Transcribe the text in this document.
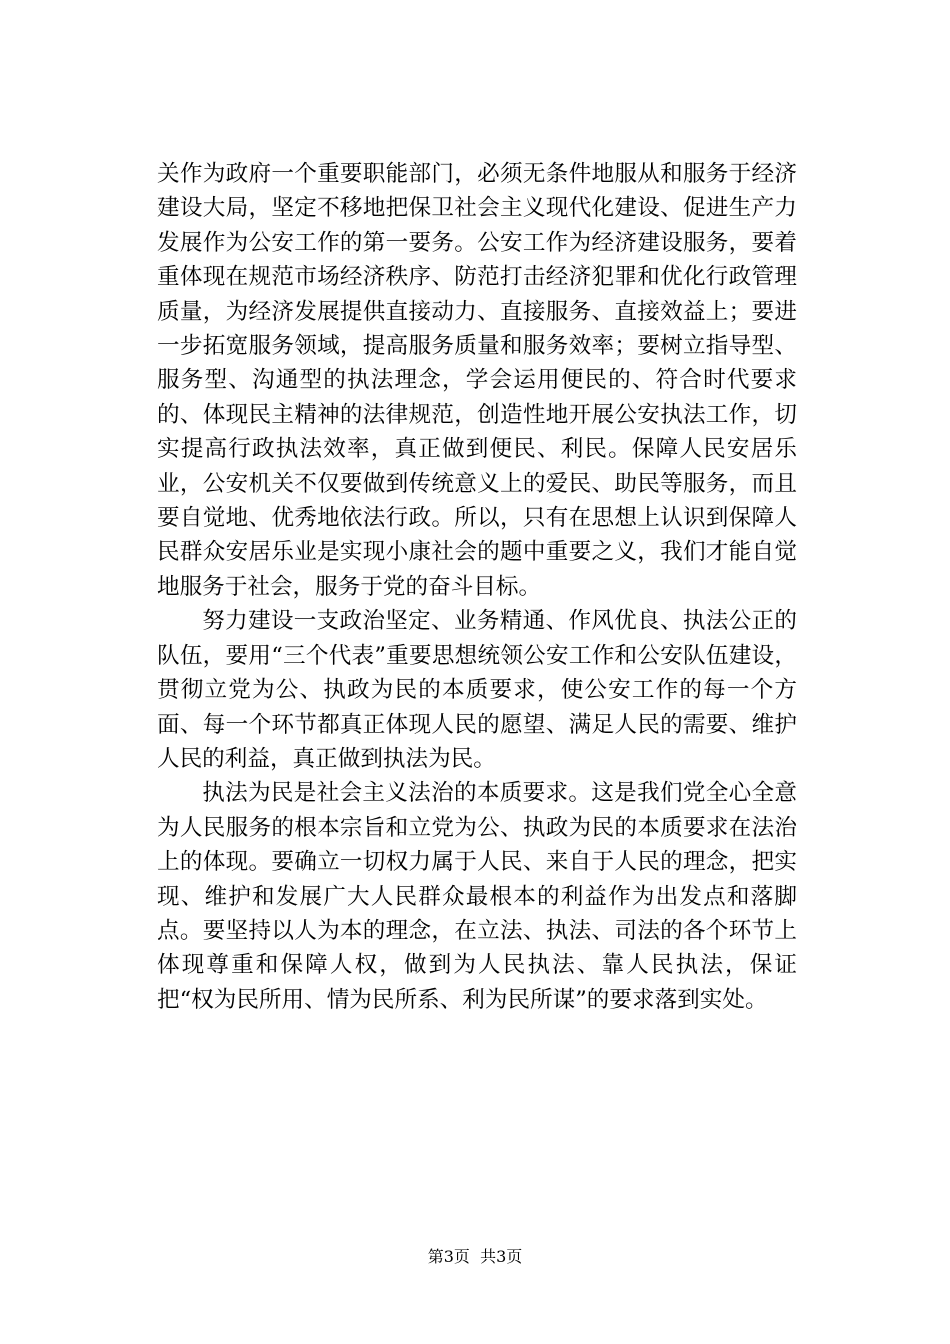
关作为政府一个重要职能部门，必须无条件地服从和服务于经济建设大局，坚定不移地把保卫社会主义现代化建设、促进生产力发展作为公安工作的第一要务。公安工作为经济建设服务，要着重体现在规范市场经济秩序、防范打击经济犯罪和优化行政管理质量，为经济发展提供直接动力、直接服务、直接效益上；要进一步拓宽服务领域，提高服务质量和服务效率；要树立指导型、服务型、沟通型的执法理念，学会运用便民的、符合时代要求的、体现民主精神的法律规范，创造性地开展公安执法工作，切实提高行政执法效率，真正做到便民、利民。保障人民安居乐业，公安机关不仅要做到传统意义上的爱民、助民等服务，而且要自觉地、优秀地依法行政。所以，只有在思想上认识到保障人民群众安居乐业是实现小康社会的题中重要之义，我们才能自觉地服务于社会，服务于党的奋斗目标。

努力建设一支政治坚定、业务精通、作风优良、执法公正的队伍，要用“三个代表”重要思想统领公安工作和公安队伍建设，贯彻立党为公、执政为民的本质要求，使公安工作的每一个方面、每一个环节都真正体现人民的愿望、满足人民的需要、维护人民的利益，真正做到执法为民。

执法为民是社会主义法治的本质要求。这是我们党全心全意为人民服务的根本宗旨和立党为公、执政为民的本质要求在法治上的体现。要确立一切权力属于人民、来自于人民的理念，把实现、维护和发展广大人民群众最根本的利益作为出发点和落脚点。要坚持以人为本的理念，在立法、执法、司法的各个环节上体现尊重和保障人权，做到为人民执法、靠人民执法，保证把“权为民所用、情为民所系、利为民所谋”的要求落到实处。

第3页 共3页
